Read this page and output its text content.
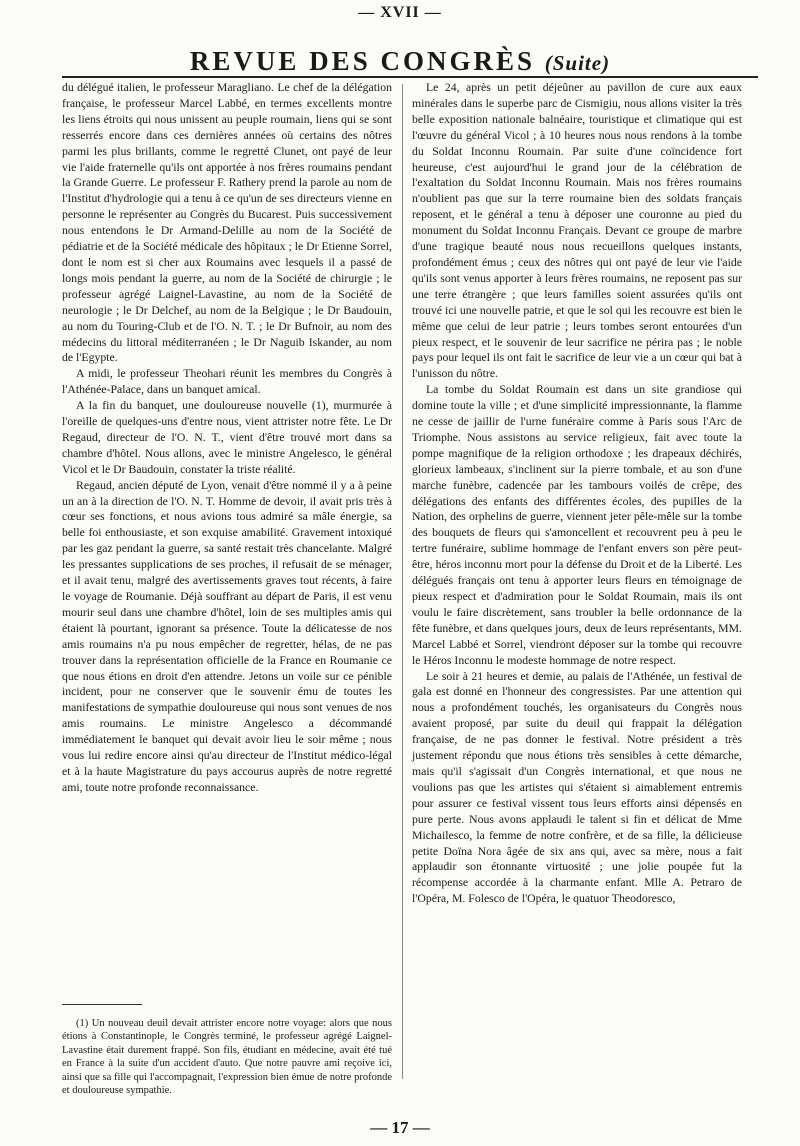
— XVII —
REVUE DES CONGRÈS (Suite)

du délégué italien, le professeur Maragliano. Le chef de la délégation française, le professeur Marcel Labbé, en termes excellents montre les liens étroits qui nous unissent au peuple roumain, liens qui se sont resserrés encore dans ces dernières années où certains des nôtres parmi les plus brillants, comme le regretté Clunet, ont payé de leur vie l'aide fraternelle qu'ils ont apportée à nos frères roumains pendant la Grande Guerre. Le professeur F. Rathery prend la parole au nom de l'Institut d'hydrologie qui a tenu à ce qu'un de ses directeurs vienne en personne le représenter au Congrès du Bucarest. Puis successivement nous entendons le Dr Armand-Delille au nom de la Société de pédiatrie et de la Société médicale des hôpitaux ; le Dr Etienne Sorrel, dont le nom est si cher aux Roumains avec lesquels il a passé de longs mois pendant la guerre, au nom de la Société de chirurgie ; le professeur agrégé Laignel-Lavastine, au nom de la Société de neurologie ; le Dr Delchef, au nom de la Belgique ; le Dr Baudouin, au nom du Touring-Club et de l'O. N. T. ; le Dr Bufnoir, au nom des médecins du littoral méditerranéen ; le Dr Naguib Iskander, au nom de l'Egypte.

A midi, le professeur Theohari réunit les membres du Congrès à l'Athénée-Palace, dans un banquet amical.

A la fin du banquet, une douloureuse nouvelle (1), murmurée à l'oreille de quelques-uns d'entre nous, vient attrister notre fête. Le Dr Regaud, directeur de l'O. N. T., vient d'être trouvé mort dans sa chambre d'hôtel. Nous allons, avec le ministre Angelesco, le général Vicol et le Dr Baudouin, constater la triste réalité.

Regaud, ancien député de Lyon, venait d'être nommé il y a à peine un an à la direction de l'O. N. T. Homme de devoir, il avait pris très à cœur ses fonctions, et nous avions tous admiré sa mâle énergie, sa belle foi enthousiaste, et son exquise amabilité. Gravement intoxiqué par les gaz pendant la guerre, sa santé restait très chancelante. Malgré les pressantes supplications de ses proches, il refusait de se ménager, et il avait tenu, malgré des avertissements graves tout récents, à faire le voyage de Roumanie. Déjà souffrant au départ de Paris, il est venu mourir seul dans une chambre d'hôtel, loin de ses multiples amis qui étaient là pourtant, ignorant sa présence. Toute la délicatesse de nos amis roumains n'a pu nous empêcher de regretter, hélas, de ne pas trouver dans la représentation officielle de la France en Roumanie ce que nous étions en droit d'en attendre. Jetons un voile sur ce pénible incident, pour ne conserver que le souvenir ému de toutes les manifestations de sympathie douloureuse qui nous sont venues de nos amis roumains. Le ministre Angelesco a décommandé immédiatement le banquet qui devait avoir lieu le soir même ; nous vous lui redire encore ainsi qu'au directeur de l'Institut médico-légal et à la haute Magistrature du pays accourus auprès de notre regretté ami, toute notre profonde reconnaissance.

Le 24, après un petit déjeûner au pavillon de cure aux eaux minérales dans le superbe parc de Cismigiu, nous allons visiter la très belle exposition nationale balnéaire, touristique et climatique qui est l'œuvre du général Vicol ; à 10 heures nous nous rendons à la tombe du Soldat Inconnu Roumain. Par suite d'une coïncidence fort heureuse, c'est aujourd'hui le grand jour de la célébration de l'exaltation du Soldat Inconnu Roumain. Mais nos frères roumains n'oublient pas que sur la terre roumaine bien des soldats français reposent, et le général a tenu à déposer une couronne au pied du monument du Soldat Inconnu Français. Devant ce groupe de marbre d'une tragique beauté nous nous recueillons quelques instants, profondément émus ; ceux des nôtres qui ont payé de leur vie l'aide qu'ils sont venus apporter à leurs frères roumains, ne reposent pas sur une terre étrangère ; que leurs familles soient assurées qu'ils ont trouvé ici une nouvelle patrie, et que le sol qui les recouvre est bien le même que celui de leur patrie ; leurs tombes seront entourées d'un pieux respect, et le souvenir de leur sacrifice ne périra pas ; le noble pays pour lequel ils ont fait le sacrifice de leur vie a un cœur qui bat à l'unisson du nôtre.

La tombe du Soldat Roumain est dans un site grandiose qui domine toute la ville ; et d'une simplicité impressionnante, la flamme ne cesse de jaillir de l'urne funéraire comme à Paris sous l'Arc de Triomphe. Nous assistons au service religieux, fait avec toute la pompe magnifique de la religion orthodoxe ; les drapeaux déchirés, glorieux lambeaux, s'inclinent sur la pierre tombale, et au son d'une marche funèbre, cadencée par les tambours voilés de crêpe, des délégations des enfants des différentes écoles, des pupilles de la Nation, des orphelins de guerre, viennent jeter pêle-mêle sur la tombe des bouquets de fleurs qui s'amoncellent et recouvrent peu à peu le tertre funéraire, sublime hommage de l'enfant envers son père peut-être, héros inconnu mort pour la défense du Droit et de la Liberté. Les délégués français ont tenu à apporter leurs fleurs en témoignage de pieux respect et d'admiration pour le Soldat Roumain, mais ils ont voulu le faire discrètement, sans troubler la belle ordonnance de la fête funèbre, et dans quelques jours, deux de leurs représentants, MM. Marcel Labbé et Sorrel, viendront déposer sur la tombe qui recouvre le Héros Inconnu le modeste hommage de notre respect.

Le soir à 21 heures et demie, au palais de l'Athénée, un festival de gala est donné en l'honneur des congressistes. Par une attention qui nous a profondément touchés, les organisateurs du Congrès nous avaient proposé, par suite du deuil qui frappait la délégation française, de ne pas donner le festival. Notre président a très justement répondu que nous étions très sensibles à cette démarche, mais qu'il s'agissait d'un Congrès international, et que nous ne voulions pas que les artistes qui s'étaient si aimablement entremis pour assurer ce festival vissent tous leurs efforts ainsi dépensés en pure perte. Nous avons applaudi le talent si fin et délicat de Mme Michailesco, la femme de notre confrère, et de sa fille, la délicieuse petite Doïna Nora âgée de six ans qui, avec sa mère, nous a fait applaudir son étonnante virtuosité ; une jolie poupée fut la récompense accordée à la charmante enfant. Mlle A. Petraro de l'Opéra, M. Folesco de l'Opéra, le quatuor Theodoresco,

(1) Un nouveau deuil devait attrister encore notre voyage: alors que nous étions à Constantinople, le Congrès terminé, le professeur agrégé Laignel-Lavastine était durement frappé. Son fils, étudiant en médecine, avait été tué en France à la suite d'un accident d'auto. Que notre pauvre ami reçoive ici, ainsi que sa fille qui l'accompagnait, l'expression bien émue de notre profonde et douloureuse sympathie.

— 17 —
